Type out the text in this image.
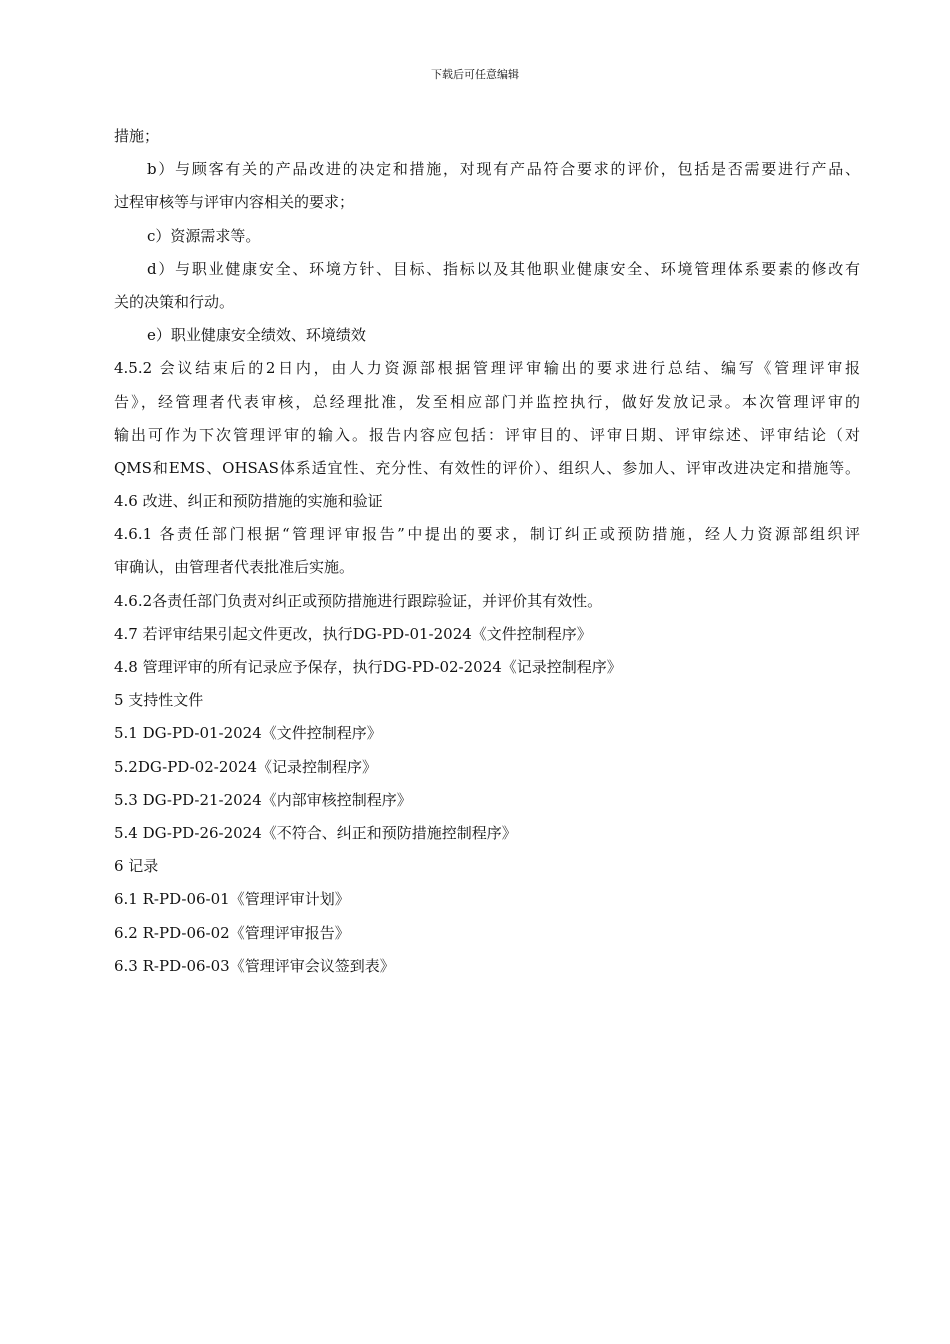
下载后可任意编辑
措施；
b）与顾客有关的产品改进的决定和措施，对现有产品符合要求的评价，包括是否需要进行产品、
过程审核等与评审内容相关的要求；
c）资源需求等。
d）与职业健康安全、环境方针、目标、指标以及其他职业健康安全、环境管理体系要素的修改有
关的决策和行动。
e）职业健康安全绩效、环境绩效
4.5.2 会议结束后的2日内，由人力资源部根据管理评审输出的要求进行总结、编写《管理评审报
告》，经管理者代表审核，总经理批准，发至相应部门并监控执行，做好发放记录。本次管理评审的
输出可作为下次管理评审的输入。报告内容应包括：评审目的、评审日期、评审综述、评审结论（对
QMS和EMS、OHSAS体系适宜性、充分性、有效性的评价）、组织人、参加人、评审改进决定和措施等。
4.6 改进、纠正和预防措施的实施和验证
4.6.1 各责任部门根据“管理评审报告”中提出的要求，制订纠正或预防措施，经人力资源部组织评
审确认，由管理者代表批准后实施。
4.6.2各责任部门负责对纠正或预防措施进行跟踪验证，并评价其有效性。
4.7 若评审结果引起文件更改，执行DG-PD-01-2024《文件控制程序》
4.8 管理评审的所有记录应予保存，执行DG-PD-02-2024《记录控制程序》
5 支持性文件
5.1 DG-PD-01-2024《文件控制程序》
5.2DG-PD-02-2024《记录控制程序》
5.3 DG-PD-21-2024《内部审核控制程序》
5.4 DG-PD-26-2024《不符合、纠正和预防措施控制程序》
6 记录
6.1 R-PD-06-01《管理评审计划》
6.2 R-PD-06-02《管理评审报告》
6.3 R-PD-06-03《管理评审会议签到表》
